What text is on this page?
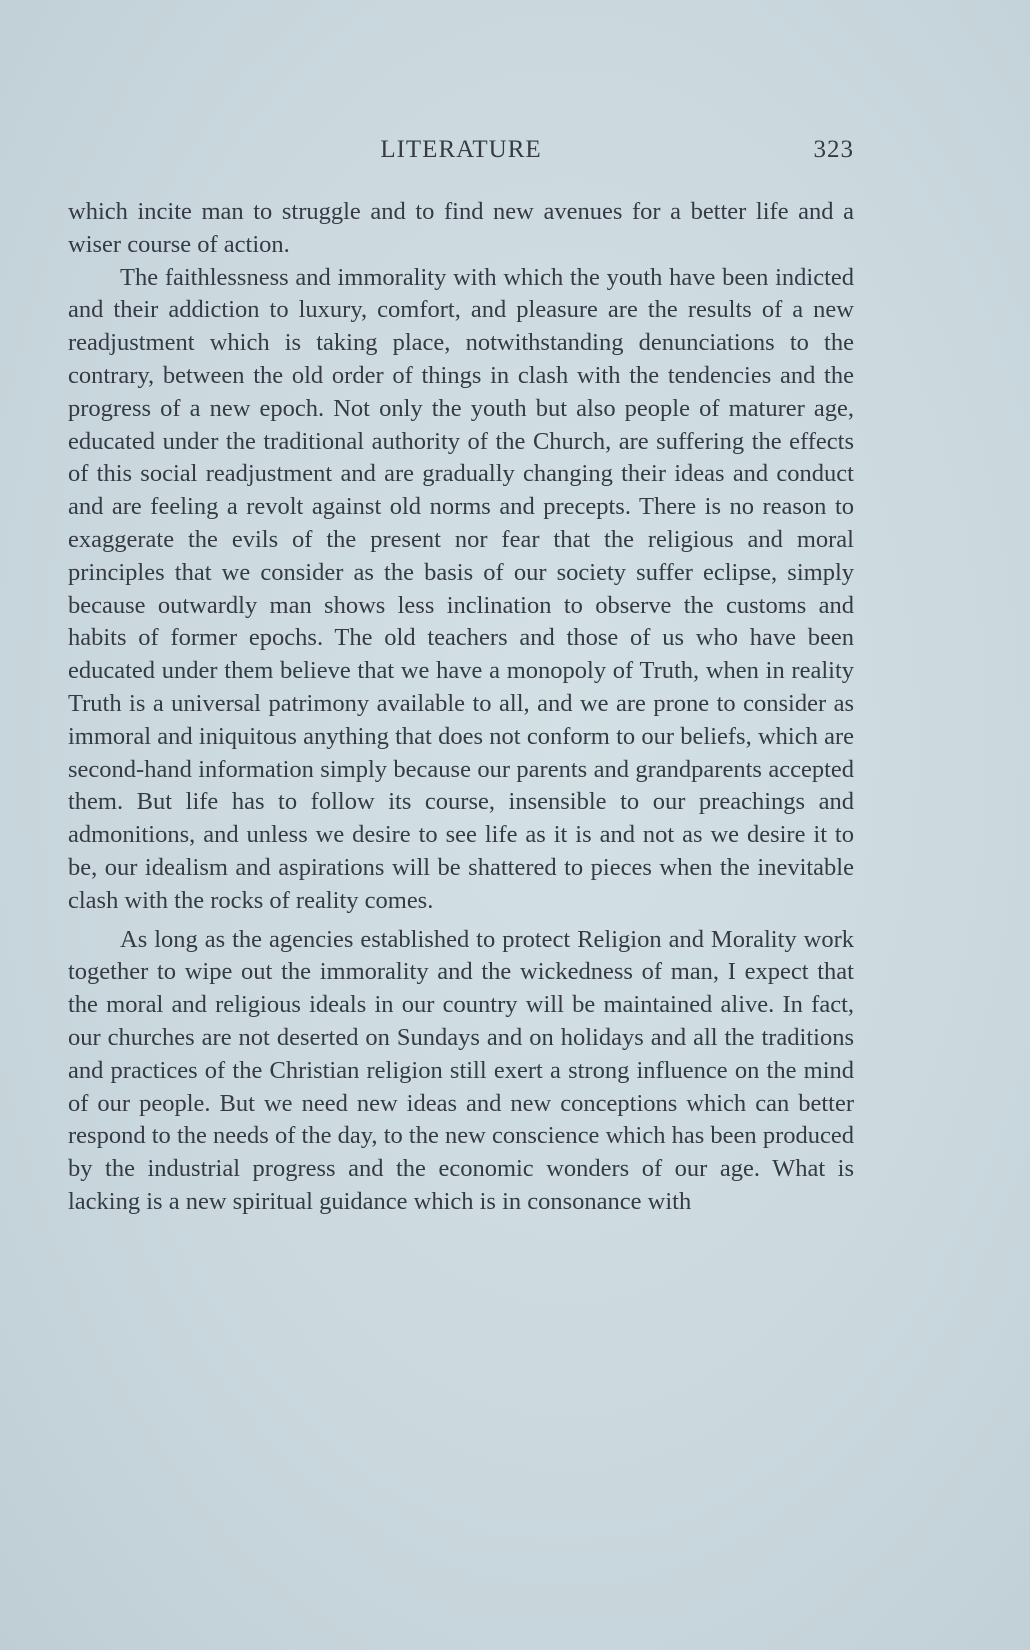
LITERATURE	323

which incite man to struggle and to find new avenues for a better life and a wiser course of action.

The faithlessness and immorality with which the youth have been indicted and their addiction to luxury, comfort, and pleasure are the results of a new readjustment which is taking place, notwithstanding denunciations to the contrary, between the old order of things in clash with the tendencies and the progress of a new epoch. Not only the youth but also people of maturer age, educated under the traditional authority of the Church, are suffering the effects of this social readjustment and are gradually changing their ideas and conduct and are feeling a revolt against old norms and precepts. There is no reason to exaggerate the evils of the present nor fear that the religious and moral principles that we consider as the basis of our society suffer eclipse, simply because outwardly man shows less inclination to observe the customs and habits of former epochs. The old teachers and those of us who have been educated under them believe that we have a monopoly of Truth, when in reality Truth is a universal patrimony available to all, and we are prone to consider as immoral and iniquitous anything that does not conform to our beliefs, which are second-hand information simply because our parents and grandparents accepted them. But life has to follow its course, insensible to our preachings and admonitions, and unless we desire to see life as it is and not as we desire it to be, our idealism and aspirations will be shattered to pieces when the inevitable clash with the rocks of reality comes.

As long as the agencies established to protect Religion and Morality work together to wipe out the immorality and the wickedness of man, I expect that the moral and religious ideals in our country will be maintained alive. In fact, our churches are not deserted on Sundays and on holidays and all the traditions and practices of the Christian religion still exert a strong influence on the mind of our people. But we need new ideas and new conceptions which can better respond to the needs of the day, to the new conscience which has been produced by the industrial progress and the economic wonders of our age. What is lacking is a new spiritual guidance which is in consonance with
